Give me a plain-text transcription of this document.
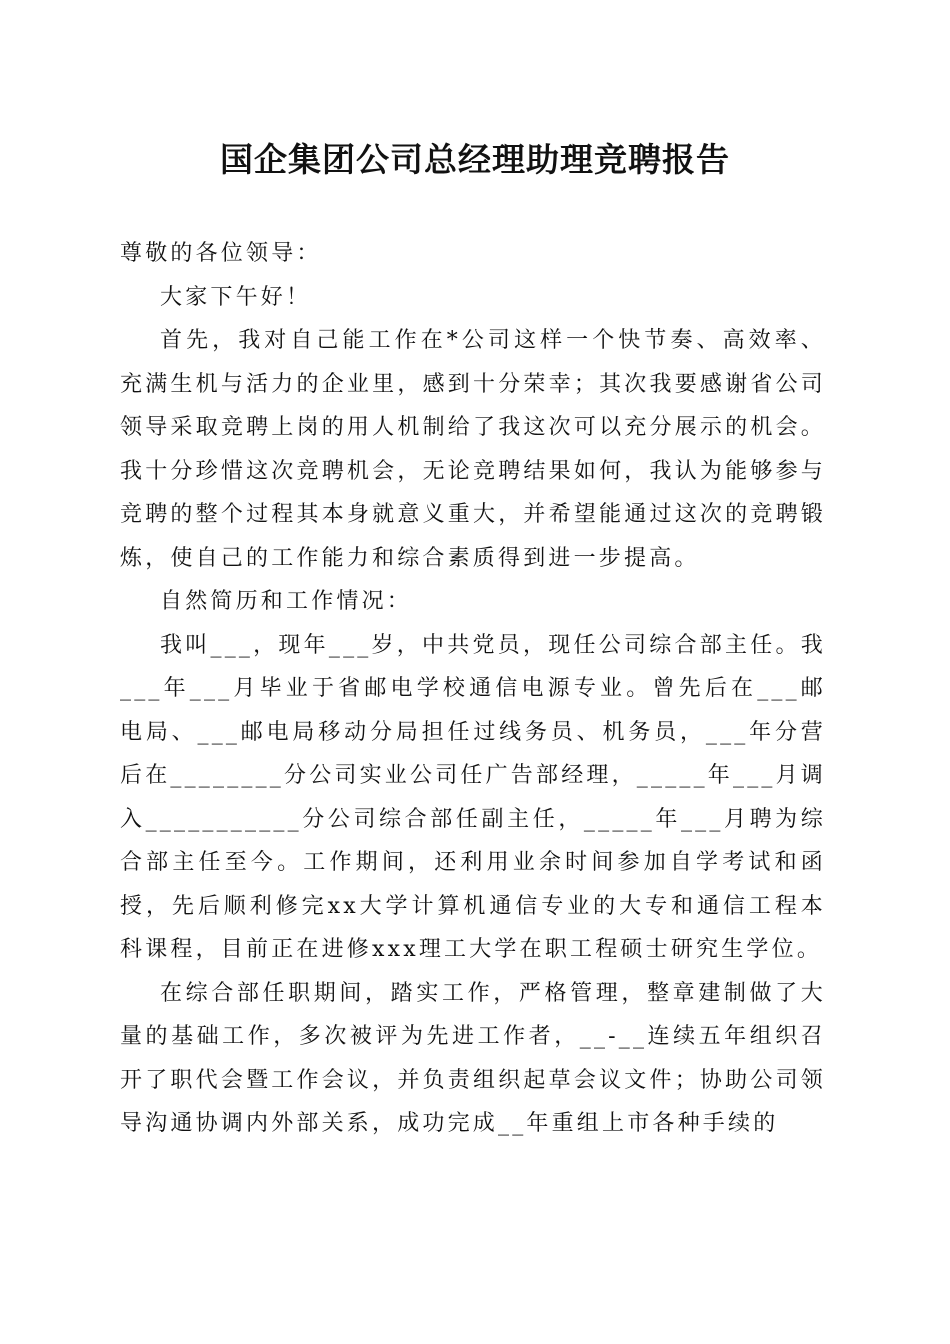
国企集团公司总经理助理竞聘报告

尊敬的各位领导：

大家下午好！

首先，我对自己能工作在*公司这样一个快节奏、高效率、充满生机与活力的企业里，感到十分荣幸；其次我要感谢省公司领导采取竞聘上岗的用人机制给了我这次可以充分展示的机会。我十分珍惜这次竞聘机会，无论竞聘结果如何，我认为能够参与竞聘的整个过程其本身就意义重大，并希望能通过这次的竞聘锻炼，使自己的工作能力和综合素质得到进一步提高。

自然简历和工作情况：

我叫___，现年___岁，中共党员，现任公司综合部主任。我___年___月毕业于省邮电学校通信电源专业。曾先后在___邮电局、___邮电局移动分局担任过线务员、机务员，___年分营后在________分公司实业公司任广告部经理，_____年___月调入___________分公司综合部任副主任，_____年___月聘为综合部主任至今。工作期间，还利用业余时间参加自学考试和函授，先后顺利修完xx大学计算机通信专业的大专和通信工程本科课程，目前正在进修xxx理工大学在职工程硕士研究生学位。

在综合部任职期间，踏实工作，严格管理，整章建制做了大量的基础工作，多次被评为先进工作者，__-__连续五年组织召开了职代会暨工作会议，并负责组织起草会议文件；协助公司领导沟通协调内外部关系，成功完成__年重组上市各种手续的
